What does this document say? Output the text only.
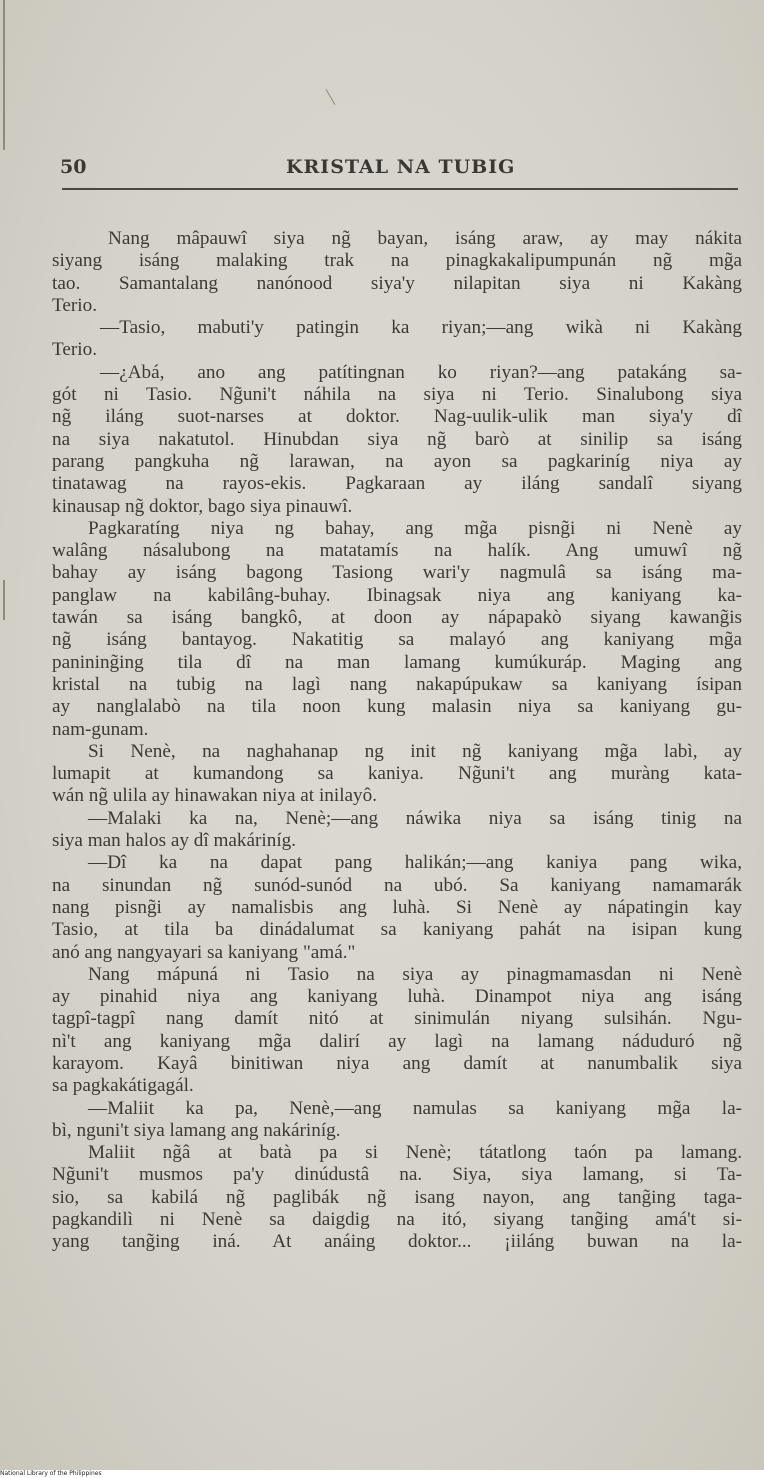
50	KRISTAL NA TUBIG
Nang mâpauwî siya ng̃ bayan, isáng araw, ay may nákita
siyang isáng malaking trak na pinagkakalipumpunán ng̃ mg̃a
tao. Samantalang nanónood siya'y nilapitan siya ni Kakàng
Terio.
—Tasio, mabuti'y patingin ka riyan;—ang wikà ni Kakàng
Terio.
—¿Abá, ano ang patítingnan ko riyan?—ang patakáng sa-
gót ni Tasio. Ng̃uni't náhila na siya ni Terio. Sinalubong siya
ng̃ iláng suot-narses at doktor. Nag-uulik-ulik man siya'y dî
na siya nakatutol. Hinubdan siya ng̃ barò at sinilip sa isáng
parang pangkuha ng̃ larawan, na ayon sa pagkariníg niya ay
tinatawag na rayos-ekis. Pagkaraan ay iláng sandalî siyang
kinausap ng̃ doktor, bago siya pinauwî.
Pagkaratíng niya ng bahay, ang mg̃a pisng̃i ni Nenè ay
walâng násalubong na matatamís na halík. Ang umuwî ng̃
bahay ay isáng bagong Tasiong wari'y nagmulâ sa isáng ma-
panglaw na kabilâng-buhay. Ibinagsak niya ang kaniyang ka-
tawán sa isáng bangkô, at doon ay nápapakò siyang kawang̃is
ng̃ isáng bantayog. Nakatitig sa malayó ang kaniyang mg̃a
panining̃ing tila dî na man lamang kumúkuráp. Maging ang
kristal na tubig na lagì nang nakapúpukaw sa kaniyang ísipan
ay nanglalabò na tila noon kung malasin niya sa kaniyang gu-
nam-gunam.
Si Nenè, na naghahanap ng init ng̃ kaniyang mg̃a labì, ay
lumapit at kumandong sa kaniya. Ng̃uni't ang muràng kata-
wán ng̃ ulila ay hinawakan niya at inilayô.
—Malaki ka na, Nenè;—ang náwika niya sa isáng tinig na
siya man halos ay dî makáriníg.
—Dî ka na dapat pang halikán;—ang kaniya pang wika,
na sinundan ng̃ sunód-sunód na ubó. Sa kaniyang namamarák
nang pisng̃i ay namalisbis ang luhà. Si Nenè ay nápatingin kay
Tasio, at tila ba dinádalumat sa kaniyang pahát na isipan kung
anó ang nangyayari sa kaniyang "amá."
Nang mápuná ni Tasio na siya ay pinagmamasdan ni Nenè
ay pinahid niya ang kaniyang luhà. Dinampot niya ang isáng
tagpî-tagpî nang damít nitó at sinimulán niyang sulsihán. Ngu-
nì't ang kaniyang mg̃a dalirí ay lagì na lamang náduduró ng̃
karayom. Kayâ binitiwan niya ang damít at nanumbalik siya
sa pagkakátigagál.
—Maliit ka pa, Nenè,—ang namulas sa kaniyang mg̃a la-
bì, nguni't siya lamang ang nakáriníg.
Maliit ng̃â at batà pa si Nenè; tátatlong taón pa lamang.
Ng̃uni't musmos pa'y dinúdustâ na. Siya, siya lamang, si Ta-
sio, sa kabilá ng̃ paglibák ng̃ isang nayon, ang tang̃ing taga-
pagkandilì ni Nenè sa daigdig na itó, siyang tang̃ing amá't si-
yang tang̃ing iná. At anáing doktor... ¡iiláng buwan na la-
National Library of the Philippines
